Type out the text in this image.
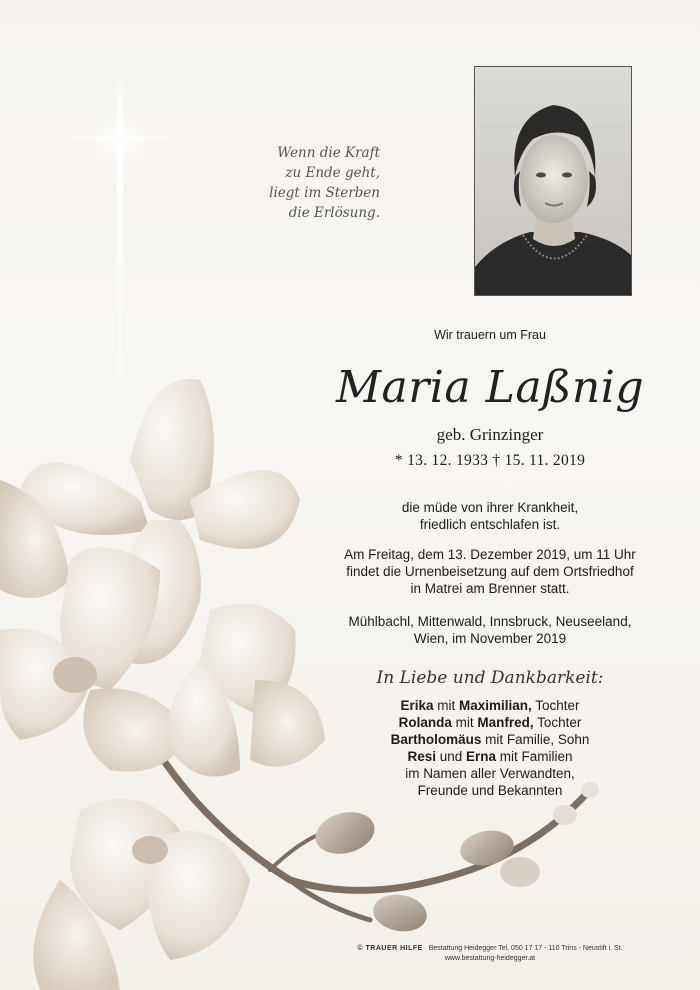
Wenn die Kraft
zu Ende geht,
liegt im Sterben
die Erlösung.
Wir trauern um Frau
Maria Laßnig
geb. Grinzinger
* 13. 12. 1933 † 15. 11. 2019
die müde von ihrer Krankheit,
friedlich entschlafen ist.
Am Freitag, dem 13. Dezember 2019, um 11 Uhr
findet die Urnenbeisetzung auf dem Ortsfriedhof
in Matrei am Brenner statt.
Mühlbachl, Mittenwald, Innsbruck, Neuseeland,
Wien, im November 2019
In Liebe und Dankbarkeit:
Erika mit Maximilian, Tochter
Rolanda mit Manfred, Tochter
Bartholomäus mit Familie, Sohn
Resi und Erna mit Familien
im Namen aller Verwandten,
Freunde und Bekannten
© TRAUER HILFE Bestattung Heidegger Tel. 050 17 17 - 110 Trins - Neustift i. St.
www.bestattung-heidegger.at
